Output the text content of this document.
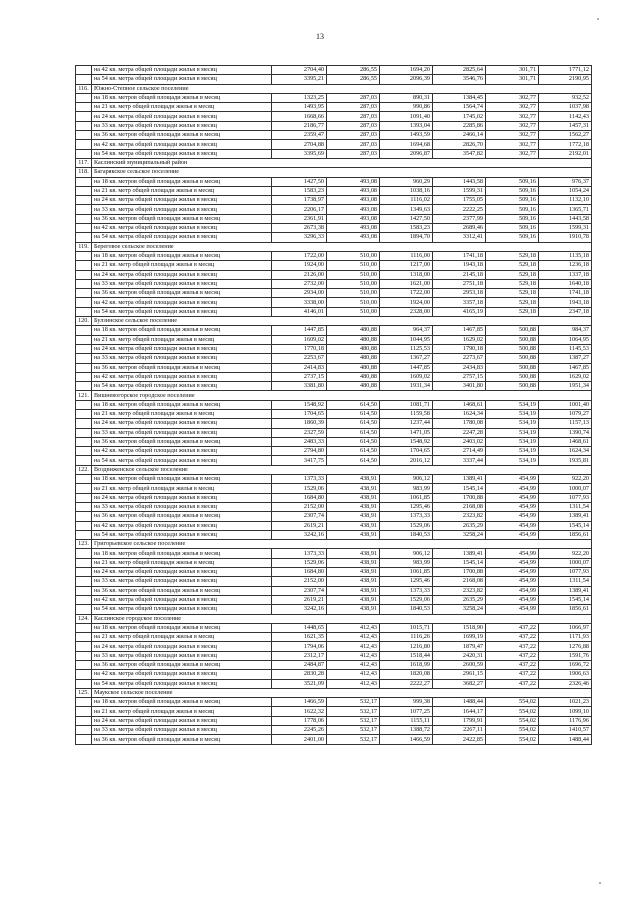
13
	на 42 кв. метра общей площади жилья в месяц	2704,40	286,55	1694,20	2825,64	301,71	1771,12
	на 54 кв. метра общей площади жилья в месяц	3395,21	286,55	2096,39	3546,76	301,71	2190,95
116.	Южно-Степное сельское поселение						
	на 18 кв. метров общей площади жилья в месяц	1323,25	287,03	890,31	1384,45	302,77	932,52
	на 21 кв. метр общей площади жилья в месяц	1493,95	287,03	990,86	1564,74	302,77	1037,98
	на 24 кв. метра общей площади жилья в месяц	1668,66	287,03	1091,40	1745,02	302,77	1142,43
	на 33 кв. метра общей площади жилья в месяц	2186,77	287,03	1393,04	2285,86	302,77	1457,31
	на 36 кв. метров общей площади жилья в месяц	2359,47	287,03	1493,59	2466,14	302,77	1562,27
	на 42 кв. метра общей площади жилья в месяц	2704,88	287,03	1694,68	2826,70	302,77	1772,18
	на 54 кв. метра общей площади жилья в месяц	3395,69	287,03	2096,87	3547,82	302,77	2192,01
117.	Каслинский муниципальный район						
118.	Багарякское сельское поселение						
	на 18 кв. метров общей площади жилья в месяц	1427,50	493,08	960,29	1443,58	509,16	976,37
	на 21 кв. метр общей площади жилья в месяц	1583,23	493,08	1038,16	1599,31	509,16	1054,24
	на 24 кв. метра общей площади жилья в месяц	1738,97	493,08	1116,02	1755,05	509,16	1132,10
	на 33 кв. метра общей площади жилья в месяц	2206,17	493,08	1349,63	2222,25	509,16	1365,71
	на 36 кв. метров общей площади жилья в месяц	2361,91	493,08	1427,50	2377,99	509,16	1443,58
	на 42 кв. метра общей площади жилья в месяц	2673,38	493,08	1583,23	2689,46	509,16	1599,31
	на 54 кв. метра общей площади жилья в месяц	3296,33	493,08	1894,70	3312,41	509,16	1910,78
119.	Береговое сельское поселение						
	на 18 кв. метров общей площади жилья в месяц	1722,00	510,00	1116,00	1741,18	529,18	1135,18
	на 21 кв. метр общей площади жилья в месяц	1924,00	510,00	1217,00	1943,18	529,18	1236,18
	на 24 кв. метра общей площади жилья в месяц	2126,00	510,00	1318,00	2145,18	529,18	1337,18
	на 33 кв. метра общей площади жилья в месяц	2732,00	510,00	1621,00	2751,18	529,18	1640,18
	на 36 кв. метров общей площади жилья в месяц	2934,00	510,00	1722,00	2953,18	529,18	1741,18
	на 42 кв. метра общей площади жилья в месяц	3338,00	510,00	1924,00	3357,18	529,18	1943,18
	на 54 кв. метра общей площади жилья в месяц	4146,01	510,00	2328,00	4165,19	529,18	2347,18
120.	Булзинское сельское поселение						
	на 18 кв. метров общей площади жилья в месяц	1447,85	480,88	964,37	1467,85	500,88	984,37
	на 21 кв. метр общей площади жилья в месяц	1609,02	480,88	1044,95	1629,02	500,88	1064,95
	на 24 кв. метра общей площади жилья в месяц	1770,18	480,88	1125,53	1790,18	500,88	1145,53
	на 33 кв. метра общей площади жилья в месяц	2253,67	480,88	1367,27	2273,67	500,88	1387,27
	на 36 кв. метров общей площади жилья в месяц	2414,83	480,88	1447,85	2434,83	500,88	1467,85
	на 42 кв. метра общей площади жилья в месяц	2737,15	480,88	1609,02	2757,15	500,88	1629,02
	на 54 кв. метра общей площади жилья в месяц	3381,80	480,88	1931,34	3401,80	500,88	1951,34
121.	Вишневогорское городское поселение						
	на 18 кв. метров общей площади жилья в месяц	1548,92	614,50	1081,71	1468,61	534,19	1001,40
	на 21 кв. метр общей площади жилья в месяц	1704,65	614,50	1159,58	1624,34	534,19	1079,27
	на 24 кв. метра общей площади жилья в месяц	1860,39	614,50	1237,44	1780,08	534,19	1157,13
	на 33 кв. метра общей площади жилья в месяц	2327,59	614,50	1471,05	2247,28	534,19	1390,74
	на 36 кв. метров общей площади жилья в месяц	2483,33	614,50	1548,92	2403,02	534,19	1468,61
	на 42 кв. метра общей площади жилья в месяц	2794,80	614,50	1704,65	2714,49	534,19	1624,34
	на 54 кв. метра общей площади жилья в месяц	3417,75	614,50	2016,12	3337,44	534,19	1935,81
122.	Воздвиженское сельское поселение						
	на 18 кв. метров общей площади жилья в месяц	1373,33	438,91	906,12	1389,41	454,99	922,20
	на 21 кв. метр общей площади жилья в месяц	1529,06	438,91	983,99	1545,14	454,99	1000,07
	на 24 кв. метра общей площади жилья в месяц	1684,80	438,91	1061,85	1700,88	454,99	1077,93
	на 33 кв. метра общей площади жилья в месяц	2152,00	438,91	1295,46	2168,08	454,99	1311,54
	на 36 кв. метров общей площади жилья в месяц	2307,74	438,91	1373,33	2323,82	454,99	1389,41
	на 42 кв. метра общей площади жилья в месяц	2619,21	438,91	1529,06	2635,29	454,99	1545,14
	на 54 кв. метра общей площади жилья в месяц	3242,16	438,91	1840,53	3258,24	454,99	1856,61
123.	Григорьевское сельское поселение						
	на 18 кв. метров общей площади жилья в месяц	1373,33	438,91	906,12	1389,41	454,99	922,20
	на 21 кв. метр общей площади жилья в месяц	1529,06	438,91	983,99	1545,14	454,99	1000,07
	на 24 кв. метра общей площади жилья в месяц	1684,80	438,91	1061,85	1700,88	454,99	1077,93
	на 33 кв. метра общей площади жилья в месяц	2152,00	438,91	1295,46	2168,08	454,99	1311,54
	на 36 кв. метров общей площади жилья в месяц	2307,74	438,91	1373,33	2323,82	454,99	1389,41
	на 42 кв. метра общей площади жилья в месяц	2619,21	438,91	1529,06	2635,29	454,99	1545,14
	на 54 кв. метра общей площади жилья в месяц	3242,16	438,91	1840,53	3258,24	454,99	1856,61
124.	Каслинское городское поселение						
	на 18 кв. метров общей площади жилья в месяц	1448,65	412,43	1015,71	1518,90	437,22	1066,97
	на 21 кв. метр общей площади жилья в месяц	1621,35	412,43	1116,26	1699,19	437,22	1171,93
	на 24 кв. метра общей площади жилья в месяц	1794,06	412,43	1216,80	1879,47	437,22	1276,88
	на 33 кв. метра общей площади жилья в месяц	2312,17	412,43	1518,44	2420,31	437,22	1591,76
	на 36 кв. метров общей площади жилья в месяц	2484,87	412,43	1618,99	2600,59	437,22	1696,72
	на 42 кв. метра общей площади жилья в месяц	2830,28	412,43	1820,08	2961,15	437,22	1906,63
	на 54 кв. метра общей площади жилья в месяц	3521,09	412,43	2222,27	3682,27	437,22	2326,46
125.	Маукское сельское поселение						
	на 18 кв. метров общей площади жилья в месяц	1466,59	532,17	999,38	1488,44	554,02	1021,23
	на 21 кв. метр общей площади жилья в месяц	1622,32	532,17	1077,25	1644,17	554,02	1099,10
	на 24 кв. метра общей площади жилья в месяц	1778,06	532,17	1155,11	1799,91	554,02	1176,96
	на 33 кв. метра общей площади жилья в месяц	2245,26	532,17	1388,72	2267,11	554,02	1410,57
	на 36 кв. метров общей площади жилья в месяц	2401,00	532,17	1466,59	2422,85	554,02	1488,44
